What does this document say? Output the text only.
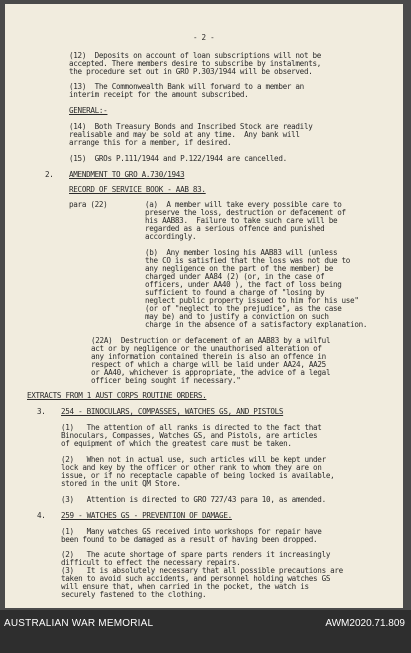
- 2 -
(12)  Deposits on account of loan subscriptions will not be
accepted. There members desire to subscribe by instalments,
the procedure set out in GRO P.303/1944 will be observed.
(13)  The Commonwealth Bank will forward to a member an
interim receipt for the amount subscribed.
GENERAL:-
(14)  Both Treasury Bonds and Inscribed Stock are readily
realisable and may be sold at any time.  Any bank will
arrange this for a member, if desired.
(15)  GROs P.111/1944 and P.122/1944 are cancelled.
2. AMENDMENT TO GRO A.730/1943
RECORD OF SERVICE BOOK - AAB 83.
para (22)	(a)  A member will take every possible care to
preserve the loss, destruction or defacement of
his AAB83.  Failure to take such care will be
regarded as a serious offence and punished
accordingly.
(b)  Any member losing his AAB83 will (unless
the CO is satisfied that the loss was not due to
any negligence on the part of the member) be
charged under AA84 (2) (or, in the case of
officers, under AA40 ), the fact of loss being
sufficient to found a charge of "losing by
neglect public property issued to him for his use"
(or of "neglect to the prejudice", as the case
may be) and to justify a conviction on such
charge in the absence of a satisfactory explanation.
(22A)  Destruction or defacement of an AAB83 by a wilful
act or by negligence or the unauthorised alteration of
any information contained therein is also an offence in
respect of which a charge will be laid under AA24, AA25
or AA40, whichever is appropriate, the advice of a legal
officer being sought if necessary."
EXTRACTS FROM 1 AUST CORPS ROUTINE ORDERS.
3. 254 - BINOCULARS, COMPASSES, WATCHES GS, AND PISTOLS
(1)   The attention of all ranks is directed to the fact that
Binoculars, Compasses, Watches GS, and Pistols, are articles
of equipment of which the greatest care must be taken.
(2)   When not in actual use, such articles will be kept under
lock and key by the officer or other rank to whom they are on
issue, or if no receptacle capable of being locked is available,
stored in the unit QM Store.
(3)   Attention is directed to GRO 727/43 para 10, as amended.
4. 259 - WATCHES GS - PREVENTION OF DAMAGE.
(1)   Many watches GS received into workshops for repair have
been found to be damaged as a result of having been dropped.
(2)   The acute shortage of spare parts renders it increasingly
difficult to effect the necessary repairs.
(3)   It is absolutely necessary that all possible precautions are
taken to avoid such accidents, and personnel holding watches GS
will ensure that, when carried in the pocket, the watch is
securely fastened to the clothing.
AUSTRALIAN WAR MEMORIAL	AWM2020.71.809
